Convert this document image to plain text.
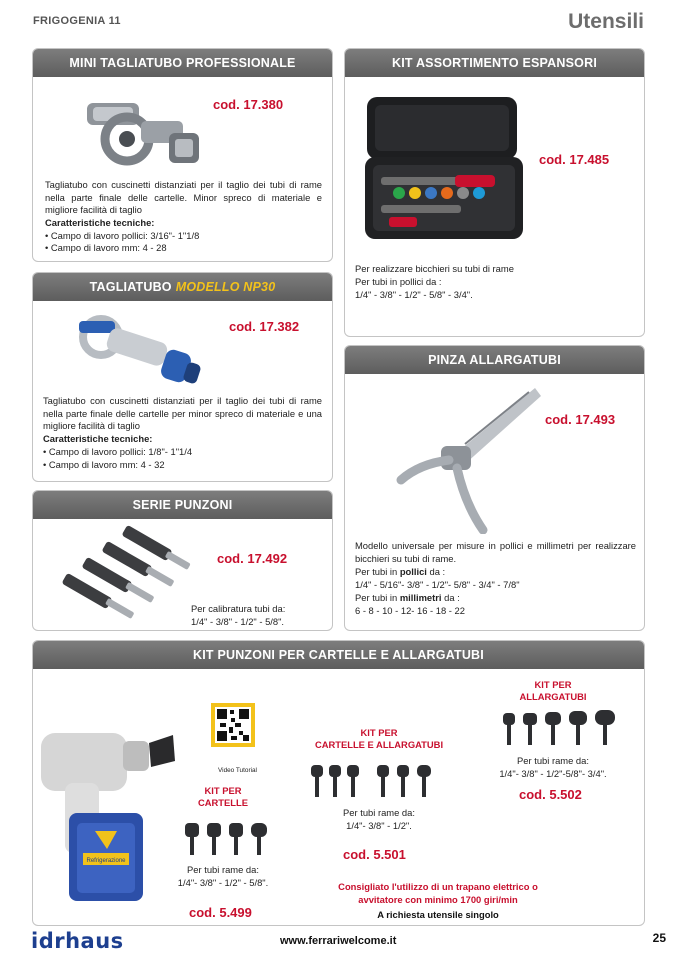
FRIGOGENIA 11	Utensili
MINI TAGLIATUBO PROFESSIONALE
cod. 17.380
Tagliatubo con cuscinetti distanziati per il taglio dei tubi di rame nella parte finale delle cartelle. Minor spreco di materiale e migliore facilità di taglio
Caratteristiche tecniche:
• Campo di lavoro pollici: 3/16"- 1"1/8
• Campo di lavoro mm: 4 - 28
KIT ASSORTIMENTO ESPANSORI
cod. 17.485
Per realizzare bicchieri su tubi di rame
Per tubi in pollici da :
1/4" - 3/8" - 1/2" - 5/8" - 3/4".
TAGLIATUBO MODELLO NP30
cod. 17.382
Tagliatubo con cuscinetti distanziati per il taglio dei tubi di rame nella parte finale delle cartelle per minor spreco di materiale e una migliore facilità di taglio
Caratteristiche tecniche:
• Campo di lavoro pollici: 1/8"- 1"1/4
• Campo di lavoro mm: 4 - 32
PINZA ALLARGATUBI
cod. 17.493
Modello universale per misure in pollici e millimetri per realizzare bicchieri su tubi di rame.
Per tubi in pollici da :
1/4" - 5/16"- 3/8" - 1/2"- 5/8" - 3/4" - 7/8"
Per tubi in millimetri da :
6 - 8 - 10 - 12- 16 - 18 - 22
SERIE PUNZONI
cod. 17.492
Per calibratura tubi da:
1/4" - 3/8" - 1/2" - 5/8".
KIT PUNZONI PER CARTELLE E ALLARGATUBI
Refrigerazione
Video Tutorial
KIT PER
CARTELLE
Per tubi rame da:
1/4"- 3/8" - 1/2" - 5/8".
cod. 5.499
KIT PER
CARTELLE E ALLARGATUBI
Per tubi rame da:
1/4"- 3/8" - 1/2".
cod. 5.501
KIT PER
ALLARGATUBI
Per tubi rame da:
1/4"- 3/8" - 1/2"-5/8"- 3/4".
cod. 5.502
Consigliato l'utilizzo di un trapano elettrico o
avvitatore con minimo 1700 giri/min
A richiesta utensile singolo
idrhaus	www.ferrariwelcome.it	25
